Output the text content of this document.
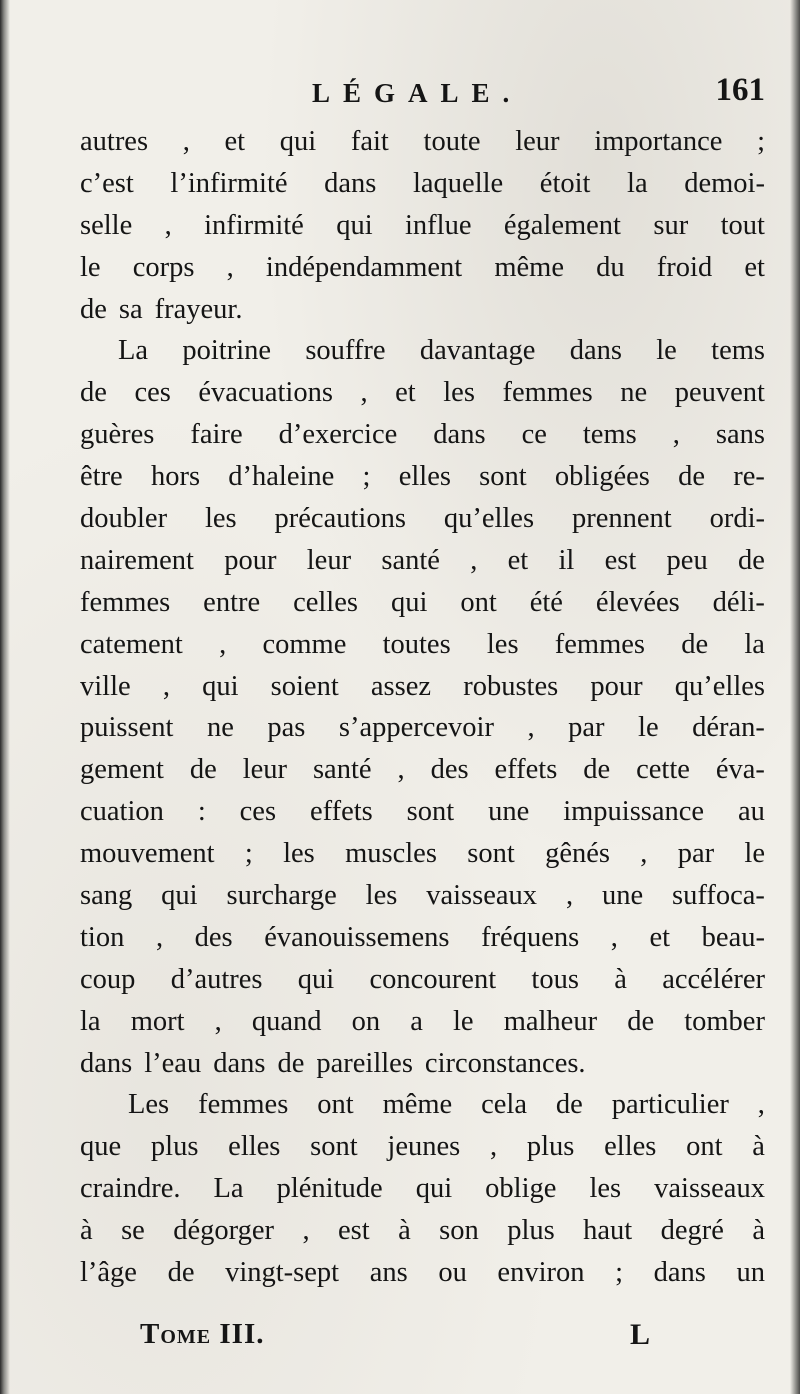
LÉGALE.	161
autres , et qui fait toute leur importance ;
c’est l’infirmité dans laquelle étoit la demoi-
selle , infirmité qui influe également sur tout
le corps , indépendamment même du froid et
de sa frayeur.
La poitrine souffre davantage dans le tems
de ces évacuations , et les femmes ne peuvent
guères faire d’exercice dans ce tems , sans
être hors d’haleine ; elles sont obligées de re-
doubler les précautions qu’elles prennent ordi-
nairement pour leur santé , et il est peu de
femmes entre celles qui ont été élevées déli-
catement , comme toutes les femmes de la
ville , qui soient assez robustes pour qu’elles
puissent ne pas s’appercevoir , par le déran-
gement de leur santé , des effets de cette éva-
cuation : ces effets sont une impuissance au
mouvement ; les muscles sont gênés , par le
sang qui surcharge les vaisseaux , une suffoca-
tion , des évanouissemens fréquens , et beau-
coup d’autres qui concourent tous à accélérer
la mort , quand on a le malheur de tomber
dans l’eau dans de pareilles circonstances.
Les femmes ont même cela de particulier ,
que plus elles sont jeunes , plus elles ont à
craindre. La plénitude qui oblige les vaisseaux
à se dégorger , est à son plus haut degré à
l’âge de vingt-sept ans ou environ ; dans un
Tome III.	L
